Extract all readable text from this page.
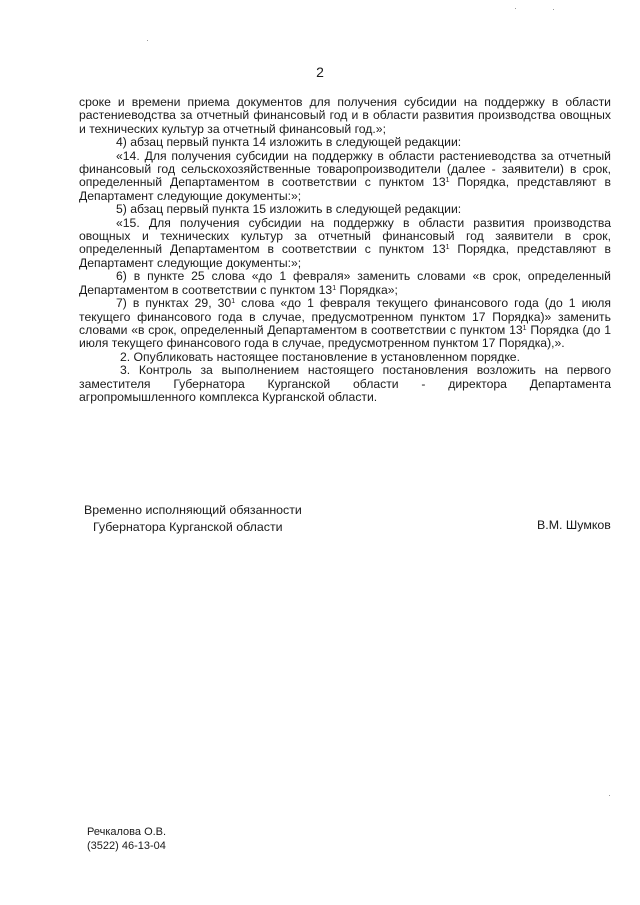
2

сроке и времени приема документов для получения субсидии на поддержку в области растениеводства за отчетный финансовый год и в области развития производства овощных и технических культур за отчетный финансовый год.»;

4) абзац первый пункта 14 изложить в следующей редакции:

«14. Для получения субсидии на поддержку в области растениеводства за отчетный финансовый год сельскохозяйственные товаропроизводители (далее - заявители) в срок, определенный Департаментом в соответствии с пунктом $13^1$ Порядка, представляют в Департамент следующие документы:»;

5) абзац первый пункта 15 изложить в следующей редакции:

«15. Для получения субсидии на поддержку в области развития производства овощных и технических культур за отчетный финансовый год заявители в срок, определенный Департаментом в соответствии с пунктом $13^1$ Порядка, представляют в Департамент следующие документы:»;

6) в пункте 25 слова «до 1 февраля» заменить словами «в срок, определенный Департаментом в соответствии с пунктом $13^1$ Порядка»;

7) в пунктах 29, $30^1$ слова «до 1 февраля текущего финансового года (до 1 июля текущего финансового года в случае, предусмотренном пунктом 17 Порядка)» заменить словами «в срок, определенный Департаментом в соответствии с пунктом $13^1$ Порядка (до 1 июля текущего финансового года в случае, предусмотренном пунктом 17 Порядка),».

2. Опубликовать настоящее постановление в установленном порядке.

3. Контроль за выполнением настоящего постановления возложить на первого заместителя Губернатора Курганской области - директора Департамента агропромышленного комплекса Курганской области.

Временно исполняющий обязанности
Губернатора Курганской области	В.М. Шумков
Речкалова О.В.
(3522) 46-13-04
